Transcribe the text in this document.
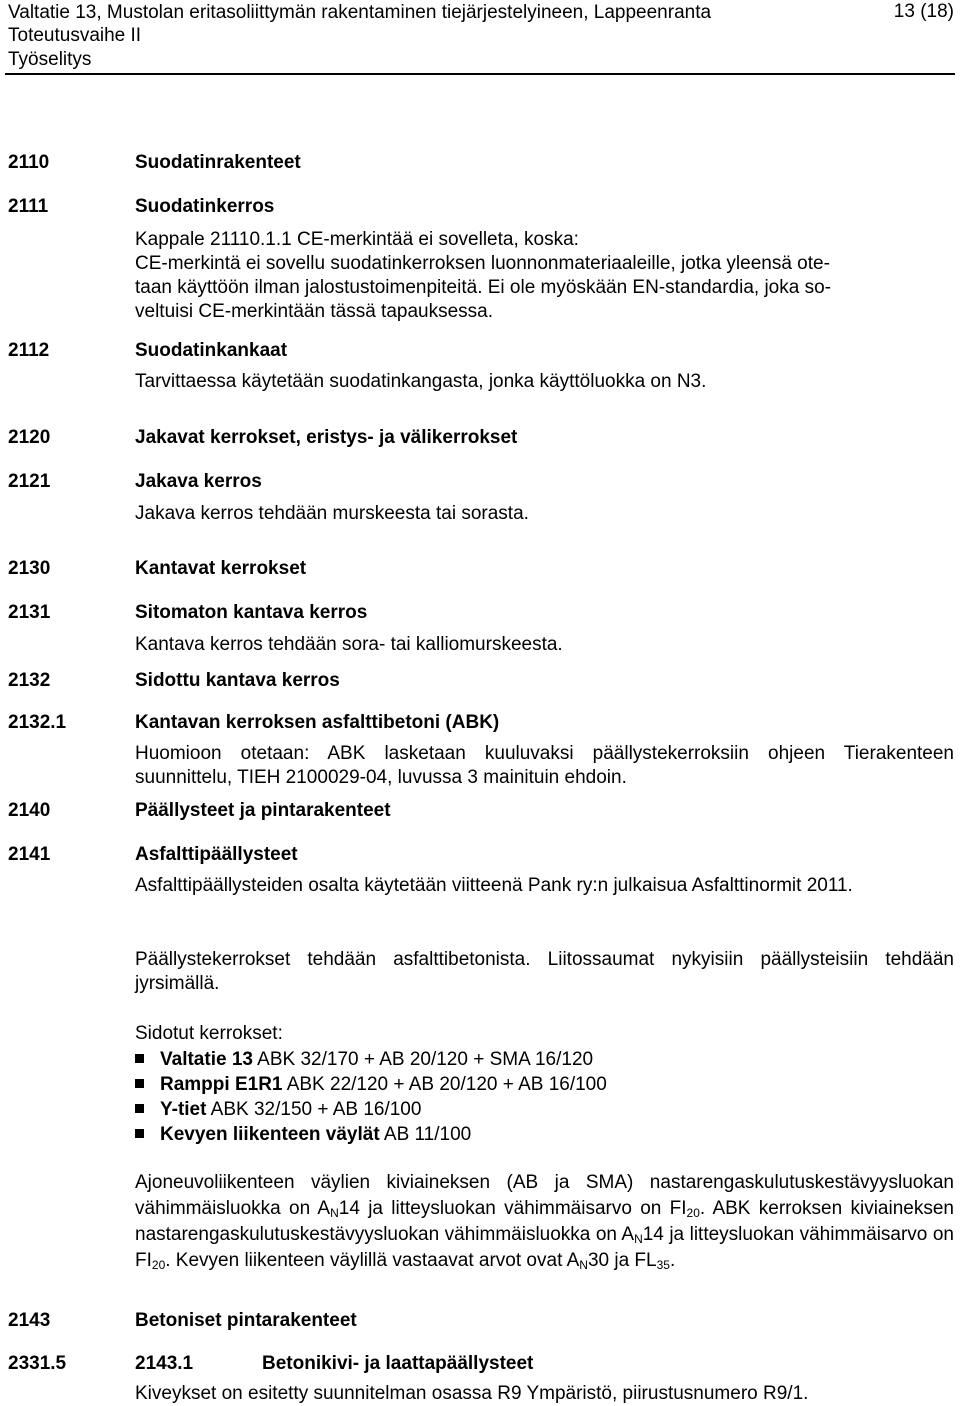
Valtatie 13, Mustolan eritasoliittymän rakentaminen tiejärjestelyineen, Lappeenranta
Toteutusvaihe II
Työselitys
13 (18)
2110	Suodatinrakenteet
2111	Suodatinkerros
Kappale 21110.1.1 CE-merkintää ei sovelleta, koska:
CE-merkintä ei sovellu suodatinkerroksen luonnonmateriaaleille, jotka yleensä ote-
taan käyttöön ilman jalostustoimenpiteitä. Ei ole myöskään EN-standardia, joka so-
veltuisi CE-merkintään tässä tapauksessa.
2112	Suodatinkankaat
Tarvittaessa käytetään suodatinkangasta, jonka käyttöluokka on N3.
2120	Jakavat kerrokset, eristys- ja välikerrokset
2121	Jakava kerros
Jakava kerros tehdään murskeesta tai sorasta.
2130	Kantavat kerrokset
2131	Sitomaton kantava kerros
Kantava kerros tehdään sora- tai kalliomurskeesta.
2132	Sidottu kantava kerros
2132.1	Kantavan kerroksen asfalttibetoni (ABK)
Huomioon otetaan: ABK lasketaan kuuluvaksi päällystekerroksiin ohjeen Tierakenteen suunnittelu, TIEH 2100029-04, luvussa 3 mainituin ehdoin.
2140	Päällysteet ja pintarakenteet
2141	Asfalttipäällysteet
Asfalttipäällysteiden osalta käytetään viitteenä Pank ry:n julkaisua Asfalttinormit 2011.
Päällystekerrokset tehdään asfalttibetonista. Liitossaumat nykyisiin päällysteisiin tehdään jyrsimällä.
Sidotut kerrokset:
Valtatie 13 ABK 32/170 + AB 20/120 + SMA 16/120
Ramppi E1R1 ABK 22/120 + AB 20/120 + AB 16/100
Y-tiet ABK 32/150 + AB 16/100
Kevyen liikenteen väylät AB 11/100
Ajoneuvoliikenteen väylien kiviaineksen (AB ja SMA) nastarengaskulutuskestävyysluokan vähimmäisluokka on $A_N14$ ja litteysluokan vähimmäisarvo on $FI_{20}$. ABK kerroksen kiviaineksen nastarengaskulutuskestävyysluokan vähimmäisluokka on $A_N14$ ja litteysluokan vähimmäisarvo on $FI_{20}$. Kevyen liikenteen väylillä vastaavat arvot ovat $A_N30$ ja $FL_{35}$.
2143	Betoniset pintarakenteet
2331.5	2143.1	Betonikivi- ja laattapäällysteet
Kiveykset on esitetty suunnitelman osassa R9 Ympäristö, piirustusnumero R9/1.
